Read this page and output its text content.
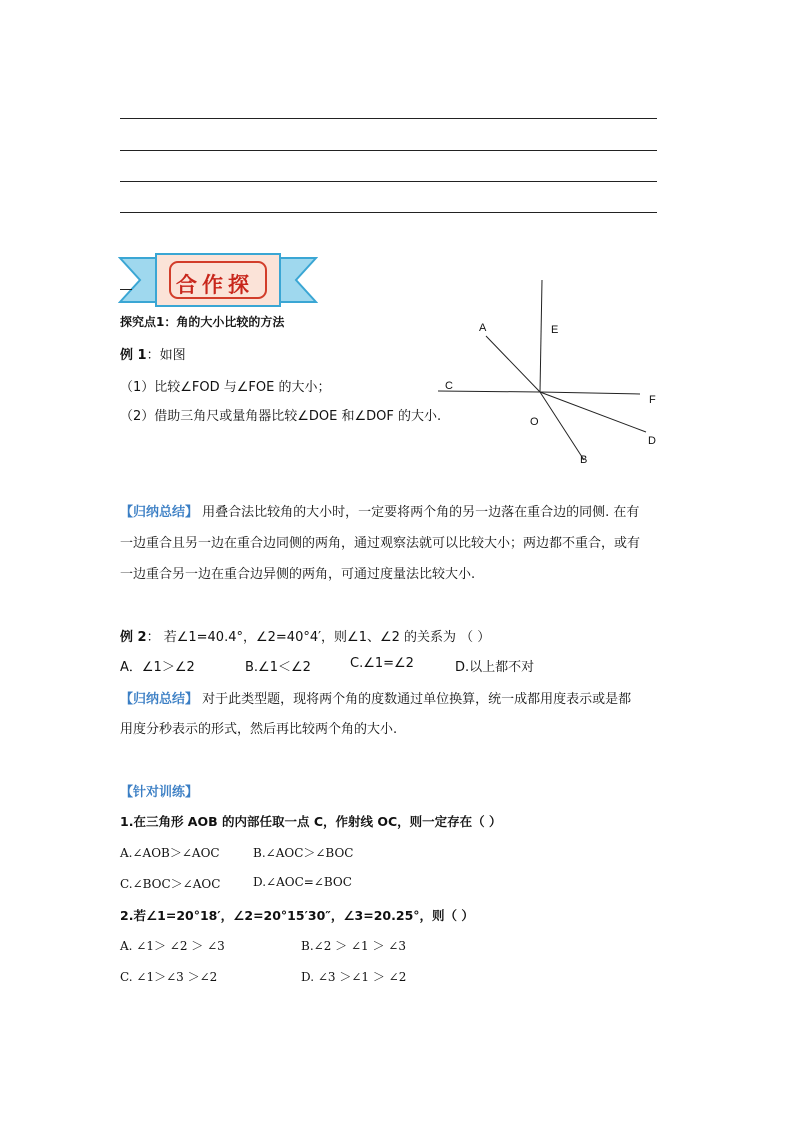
合作探
A	E
C
F
O
D
B
探究点1：角的大小比较的方法
例 1：如图
（1）比较∠FOD 与∠FOE 的大小；
（2）借助三角尺或量角器比较∠DOE 和∠DOF 的大小.
【归纳总结】 用叠合法比较角的大小时，一定要将两个角的另一边落在重合边的同侧. 在有
一边重合且另一边在重合边同侧的两角，通过观察法就可以比较大小；两边都不重合，或有
一边重合另一边在重合边异侧的两角，可通过度量法比较大小.
例 2： 若∠1=40.4°，∠2=40°4′，则∠1、∠2 的关系为 （ ）
A．∠1＞∠2	B.∠1＜∠2	C.∠1=∠2	D.以上都不对
【归纳总结】 对于此类型题，现将两个角的度数通过单位换算，统一成都用度表示或是都
用度分秒表示的形式，然后再比较两个角的大小.
【针对训练】
1.在三角形 AOB 的内部任取一点 C，作射线 OC，则一定存在（ ）
A.∠AOB＞∠AOC	B.∠AOC＞∠BOC
C.∠BOC＞∠AOC	D.∠AOC=∠BOC
2.若∠1=20°18′，∠2=20°15′30″，∠3=20.25°，则（ ）
A. ∠1＞ ∠2 ＞ ∠3	B.∠2 ＞ ∠1 ＞ ∠3
C. ∠1＞∠3 ＞∠2	D. ∠3 ＞∠1 ＞ ∠2
